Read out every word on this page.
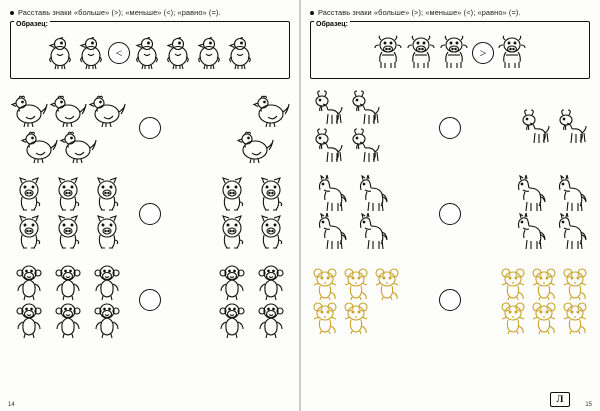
Расставь знаки «больше» (>); «меньше» (<); «равно» (=).
Образец:
<
14
Расставь знаки «больше» (>); «меньше» (<); «равно» (=).
Образец:
>
Л
15
